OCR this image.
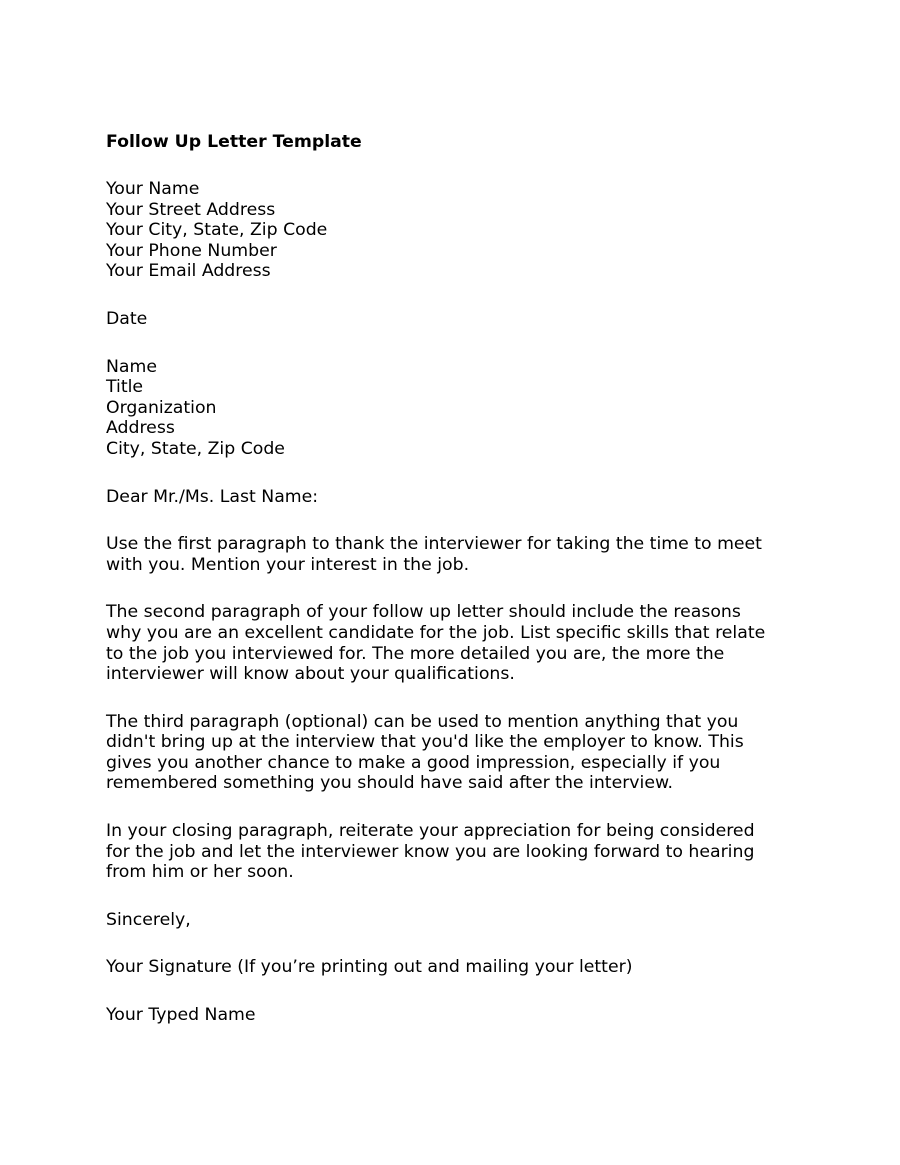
Follow Up Letter Template
Your Name
Your Street Address
Your City, State, Zip Code
Your Phone Number
Your Email Address
Date
Name
Title
Organization
Address
City, State, Zip Code
Dear Mr./Ms. Last Name:

Use the first paragraph to thank the interviewer for taking the time to meet
with you. Mention your interest in the job.

The second paragraph of your follow up letter should include the reasons
why you are an excellent candidate for the job. List specific skills that relate
to the job you interviewed for. The more detailed you are, the more the
interviewer will know about your qualifications.

The third paragraph (optional) can be used to mention anything that you
didn't bring up at the interview that you'd like the employer to know. This
gives you another chance to make a good impression, especially if you
remembered something you should have said after the interview.

In your closing paragraph, reiterate your appreciation for being considered
for the job and let the interviewer know you are looking forward to hearing
from him or her soon.

Sincerely,
Your Signature (If you’re printing out and mailing your letter)
Your Typed Name
